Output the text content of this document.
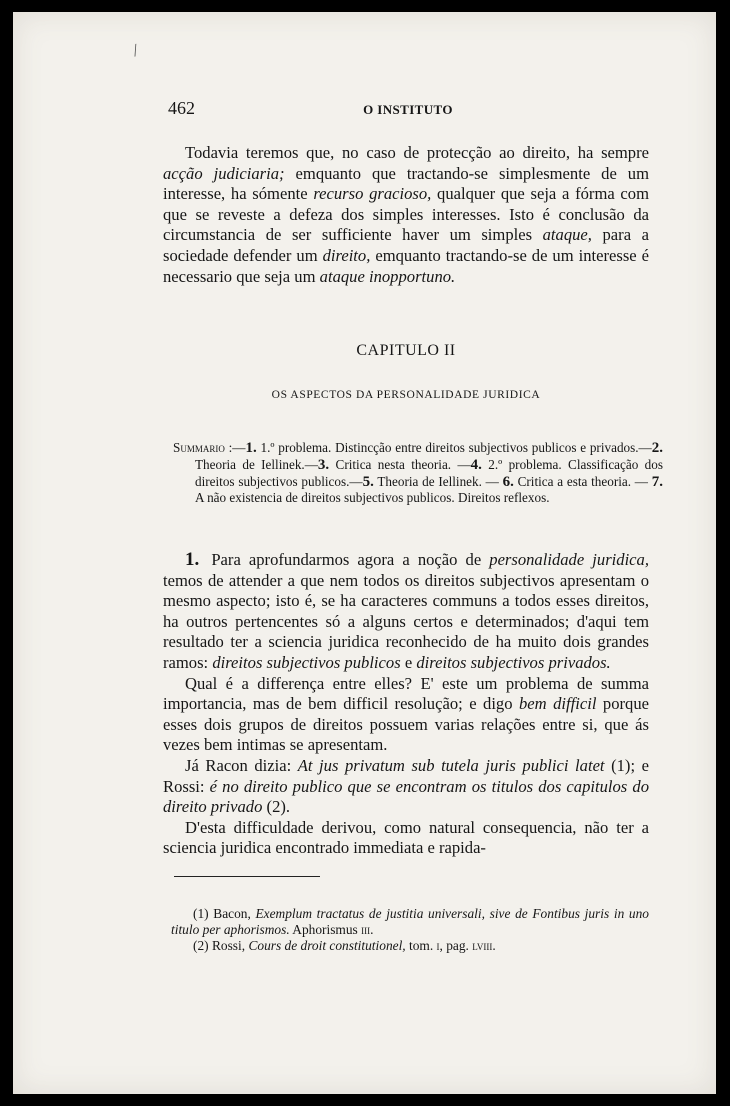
/
462	O INSTITUTO

Todavia teremos que, no caso de protecção ao direito, ha sempre acção judiciaria; emquanto que tractando-se simplesmente de um interesse, ha sómente recurso gracioso, qualquer que seja a fórma com que se reveste a defeza dos simples interesses. Isto é conclusão da circumstancia de ser sufficiente haver um simples ataque, para a sociedade defender um direito, emquanto tractando-se de um interesse é necessario que seja um ataque inopportuno.

CAPITULO II
OS ASPECTOS DA PERSONALIDADE JURIDICA
Summario :—1. 1.º problema. Distincção entre direitos subjectivos publicos e privados.—2. Theoria de Iellinek.—3. Critica nesta theoria. —4. 2.º problema. Classificação dos direitos subjectivos publicos.—5. Theoria de Iellinek. — 6. Critica a esta theoria. — 7. A não existencia de direitos subjectivos publicos. Direitos reflexos.

1. Para aprofundarmos agora a noção de personalidade juridica, temos de attender a que nem todos os direitos subjectivos apresentam o mesmo aspecto; isto é, se ha caracteres communs a todos esses direitos, ha outros pertencentes só a alguns certos e determinados; d'aqui tem resultado ter a sciencia juridica reconhecido de ha muito dois grandes ramos: direitos subjectivos publicos e direitos subjectivos privados.

Qual é a differença entre elles? E' este um problema de summa importancia, mas de bem difficil resolução; e digo bem difficil porque esses dois grupos de direitos possuem varias relações entre si, que ás vezes bem intimas se apresentam.

Já Racon dizia: At jus privatum sub tutela juris publici latet (1); e Rossi: é no direito publico que se encontram os titulos dos capitulos do direito privado (2).

D'esta difficuldade derivou, como natural consequencia, não ter a sciencia juridica encontrado immediata e rapida-

(1) Bacon, Exemplum tractatus de justitia universali, sive de Fontibus juris in uno titulo per aphorismos. Aphorismus iii.

(2) Rossi, Cours de droit constitutionel, tom. i, pag. lviii.
